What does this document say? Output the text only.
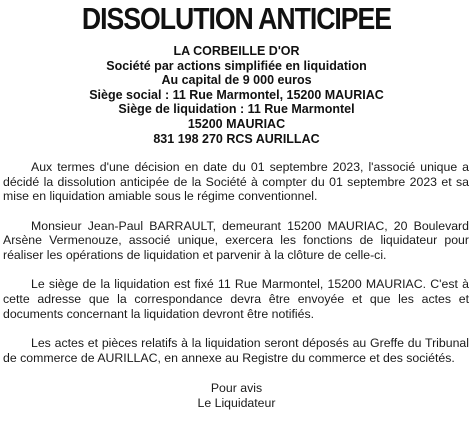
DISSOLUTION ANTICIPEE
LA CORBEILLE D'OR
Société par actions simplifiée en liquidation
Au capital de 9 000 euros
Siège social : 11 Rue Marmontel, 15200 MAURIAC
Siège de liquidation : 11 Rue Marmontel
15200 MAURIAC
831 198 270 RCS AURILLAC

Aux termes d'une décision en date du 01 septembre 2023, l'associé unique a décidé la dissolution anticipée de la Société à compter du 01 septembre 2023 et sa mise en liquidation amiable sous le régime conventionnel.

Monsieur Jean-Paul BARRAULT, demeurant 15200 MAURIAC, 20 Boulevard Arsène Vermenouze, associé unique, exercera les fonctions de liquidateur pour réaliser les opérations de liquidation et parvenir à la clôture de celle-ci.

Le siège de la liquidation est fixé 11 Rue Marmontel, 15200 MAURIAC. C'est à cette adresse que la correspondance devra être envoyée et que les actes et documents concernant la liquidation devront être notifiés.

Les actes et pièces relatifs à la liquidation seront déposés au Greffe du Tribunal de commerce de AURILLAC, en annexe au Registre du commerce et des sociétés.

Pour avis
Le Liquidateur
